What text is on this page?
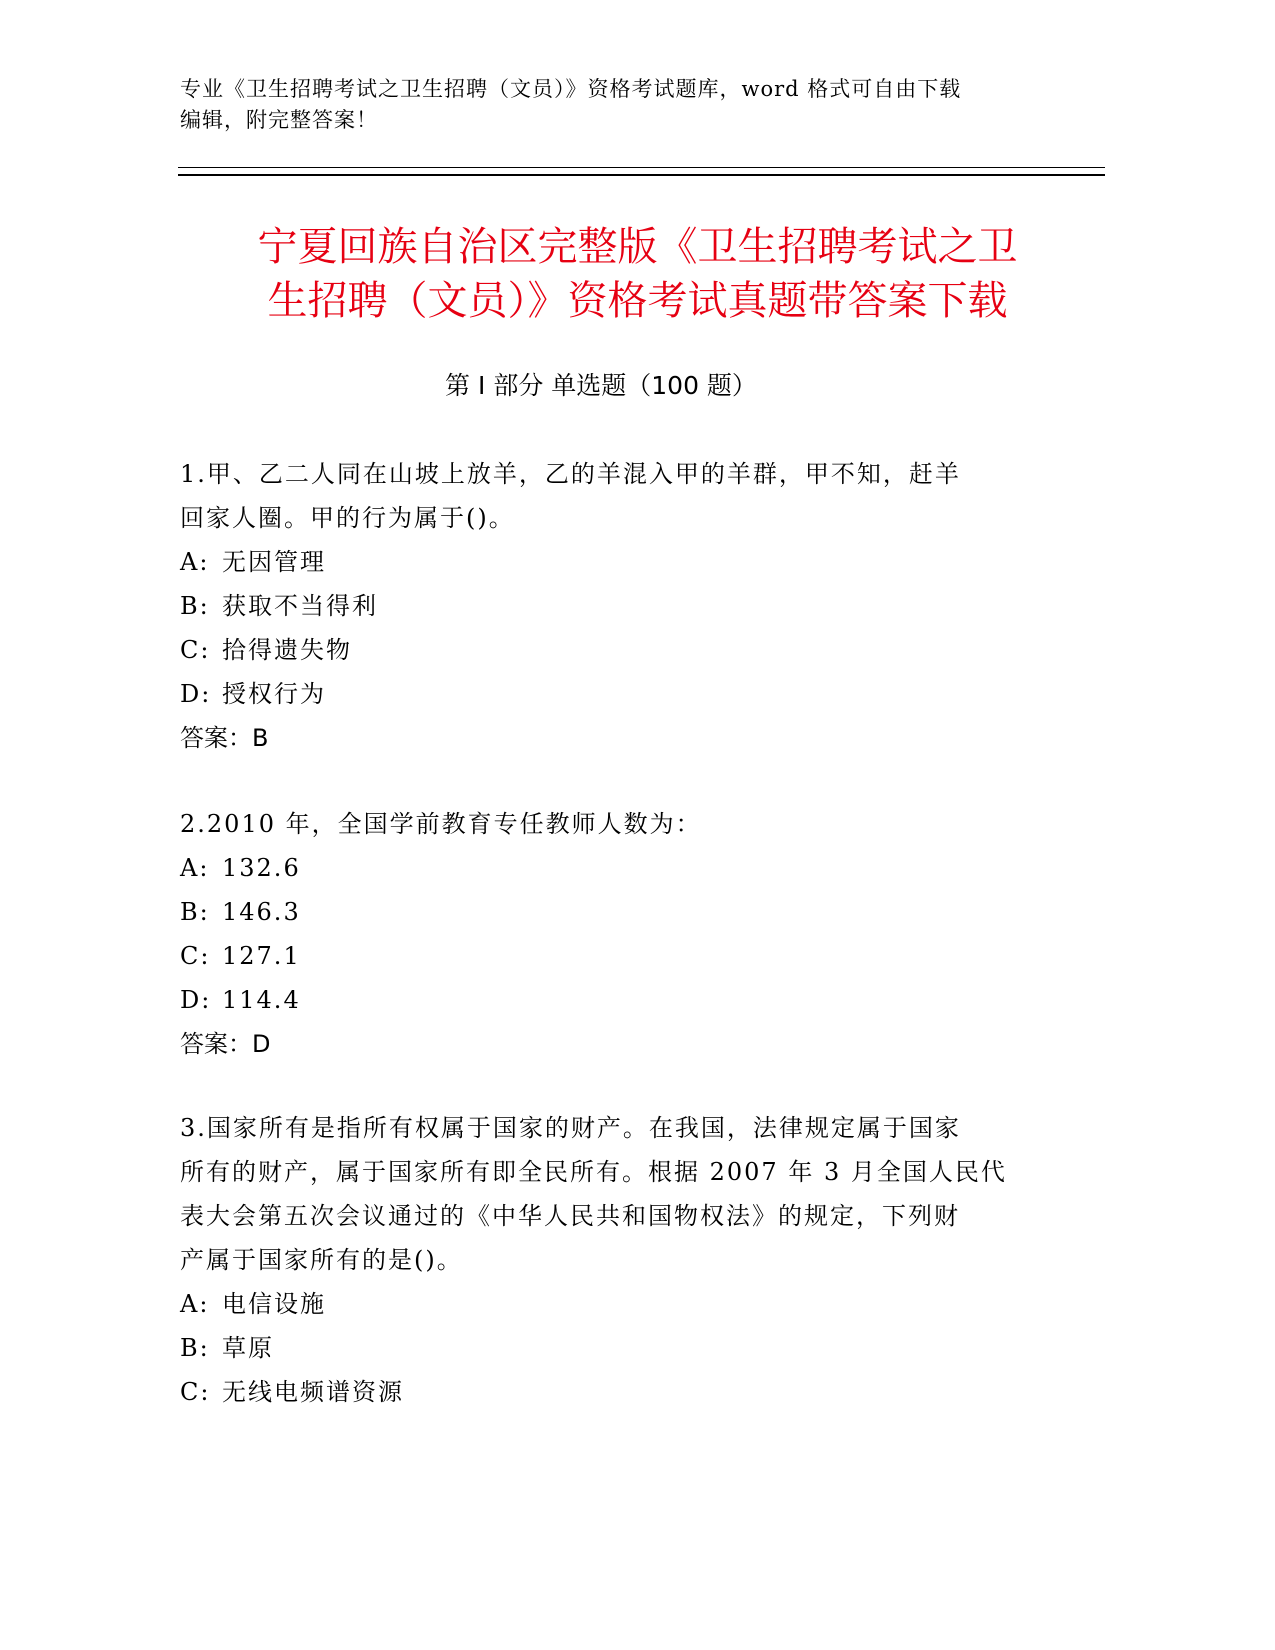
专业《卫生招聘考试之卫生招聘（文员）》资格考试题库，word 格式可自由下载
编辑，附完整答案！
宁夏回族自治区完整版《卫生招聘考试之卫
生招聘（文员）》资格考试真题带答案下载
第 I 部分 单选题（100 题）

1.甲、乙二人同在山坡上放羊，乙的羊混入甲的羊群，甲不知，赶羊
回家人圈。甲的行为属于()。

A: 无因管理

B: 获取不当得利

C: 拾得遗失物

D: 授权行为

答案：B

2.2010 年，全国学前教育专任教师人数为：

A: 132.6

B: 146.3

C: 127.1

D: 114.4

答案：D

3.国家所有是指所有权属于国家的财产。在我国，法律规定属于国家
所有的财产，属于国家所有即全民所有。根据 2007 年 3 月全国人民代
表大会第五次会议通过的《中华人民共和国物权法》的规定，下列财
产属于国家所有的是()。

A: 电信设施

B: 草原

C: 无线电频谱资源
